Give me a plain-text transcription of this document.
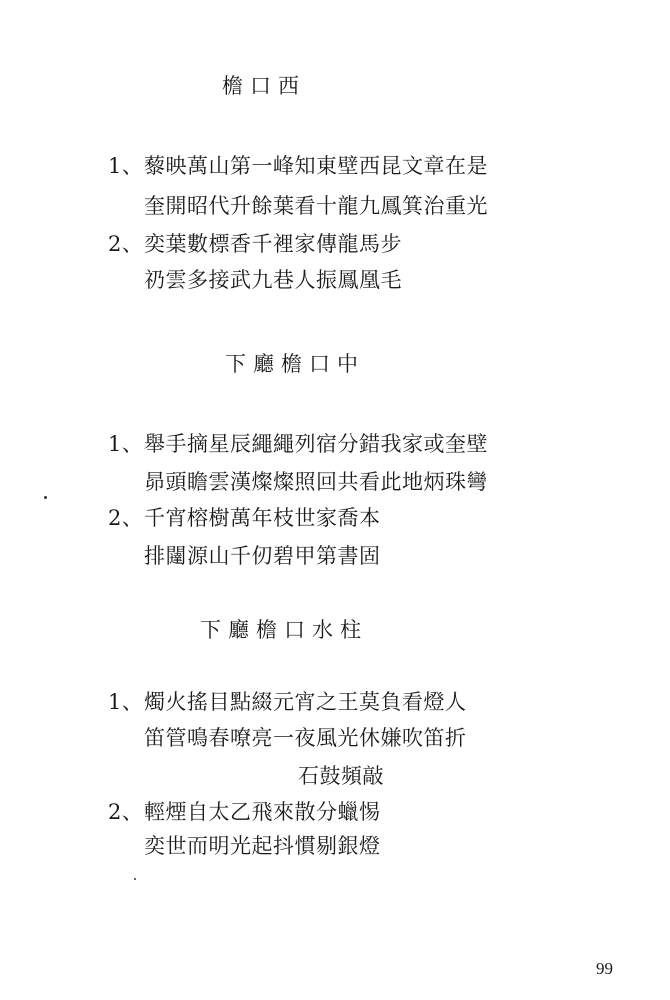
檐口西
1、藜映萬山第一峰知東壁西昆文章在是
奎開昭代升餘葉看十龍九鳳箕治重光
2、奕葉數標香千裡家傳龍馬步
礽雲多接武九巷人振鳳凰毛
下廳檐口中
1、舉手摘星辰繩繩列宿分錯我家或奎壁
昴頭瞻雲漢燦燦照回共看此地炳珠彎
2、千宵榕樹萬年枝世家喬本
排闥源山千仞碧甲第書固
下廳檐口水柱
1、燭火搖目點綴元宵之王莫負看燈人
笛管鳴春嘹亮一夜風光休嫌吹笛折
石鼓頻敲
2、輕煙自太乙飛來散分蠟惕
奕世而明光起抖慣剔銀燈
99
